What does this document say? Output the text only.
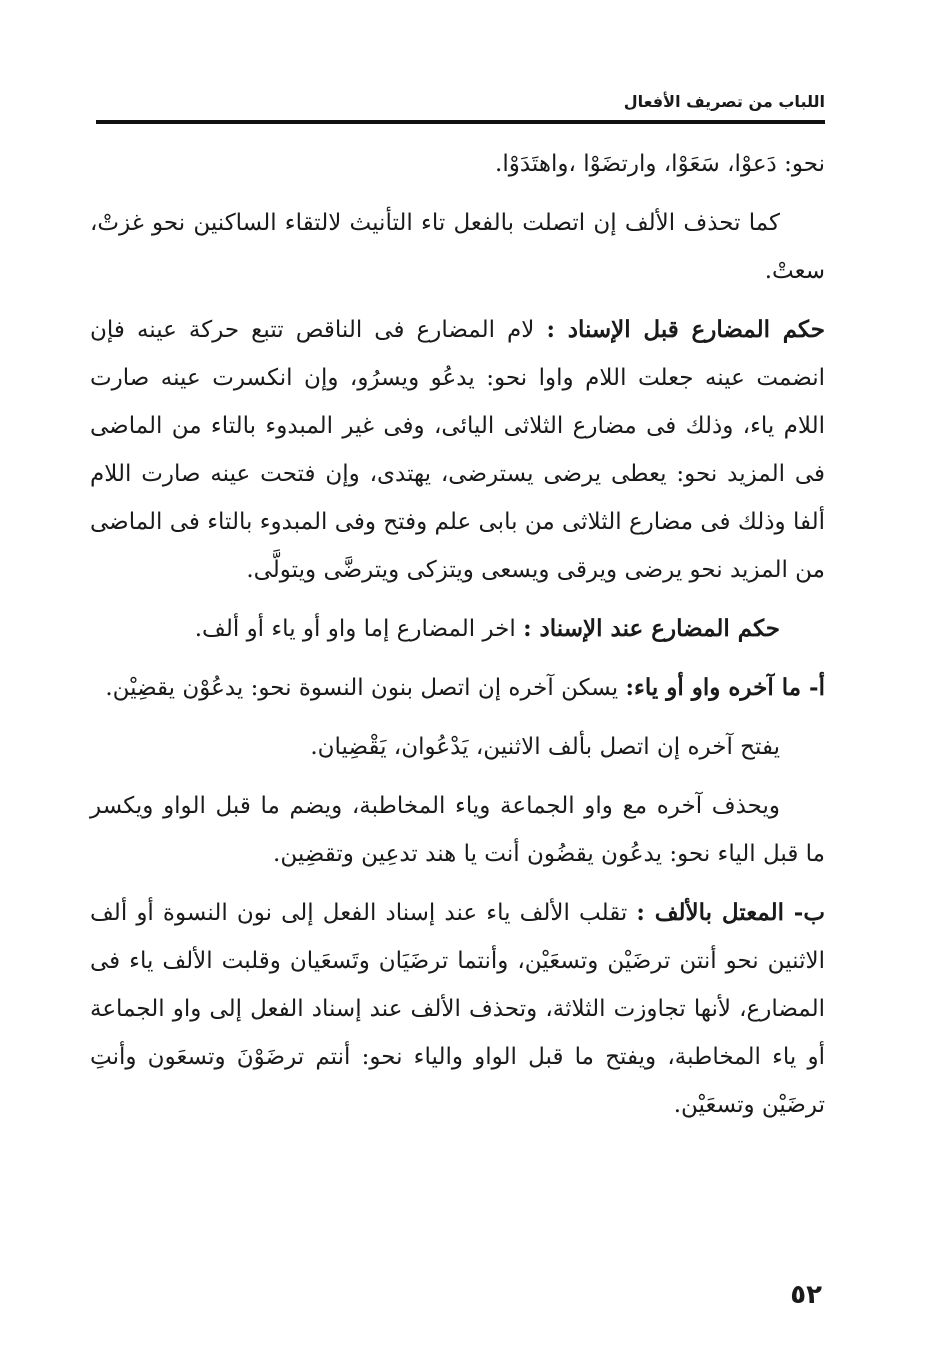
اللباب من تصريف الأفعال

نحو: دَعوْا، سَعَوْا، وارتضَوْا ،واهتَدَوْا.

كما تحذف الألف إن اتصلت بالفعل تاء التأنيث لالتقاء الساكنين نحو غزتْ، سعتْ.

حكم المضارع قبل الإسناد : لام المضارع فى الناقص تتبع حركة عينه فإن انضمت عينه جعلت اللام واوا نحو: يدعُو ويسرُو، وإن انكسرت عينه صارت اللام ياء، وذلك فى مضارع الثلاثى اليائى، وفى غير المبدوء بالتاء من الماضى فى المزيد نحو: يعطى يرضى يسترضى، يهتدى، وإن فتحت عينه صارت اللام ألفا وذلك فى مضارع الثلاثى من بابى علم وفتح وفى المبدوء بالتاء فى الماضى من المزيد نحو يرضى ويرقى ويسعى ويتزكى ويترضَّى ويتولَّى.

حكم المضارع عند الإسناد : اخر المضارع إما واو أو ياء أو ألف.

أ- ما آخره واو أو ياء: يسكن آخره إن اتصل بنون النسوة نحو: يدعُوْن يقضِيْن.

يفتح آخره إن اتصل بألف الاثنين، يَدْعُوان، يَقْضِيان.

ويحذف آخره مع واو الجماعة وياء المخاطبة، ويضم ما قبل الواو ويكسر ما قبل الياء نحو: يدعُون يقضُون أنت يا هند تدعِين وتقضِين.

ب- المعتل بالألف : تقلب الألف ياء عند إسناد الفعل إلى نون النسوة أو ألف الاثنين نحو أنتن ترضَيْن وتسعَيْن، وأنتما ترضَيَان وتَسعَيان وقلبت الألف ياء فى المضارع، لأنها تجاوزت الثلاثة، وتحذف الألف عند إسناد الفعل إلى واو الجماعة أو ياء المخاطبة، ويفتح ما قبل الواو والياء نحو: أنتم ترضَوْنَ وتسعَون وأنتِ ترضَيْن وتسعَيْن.

٥٢
